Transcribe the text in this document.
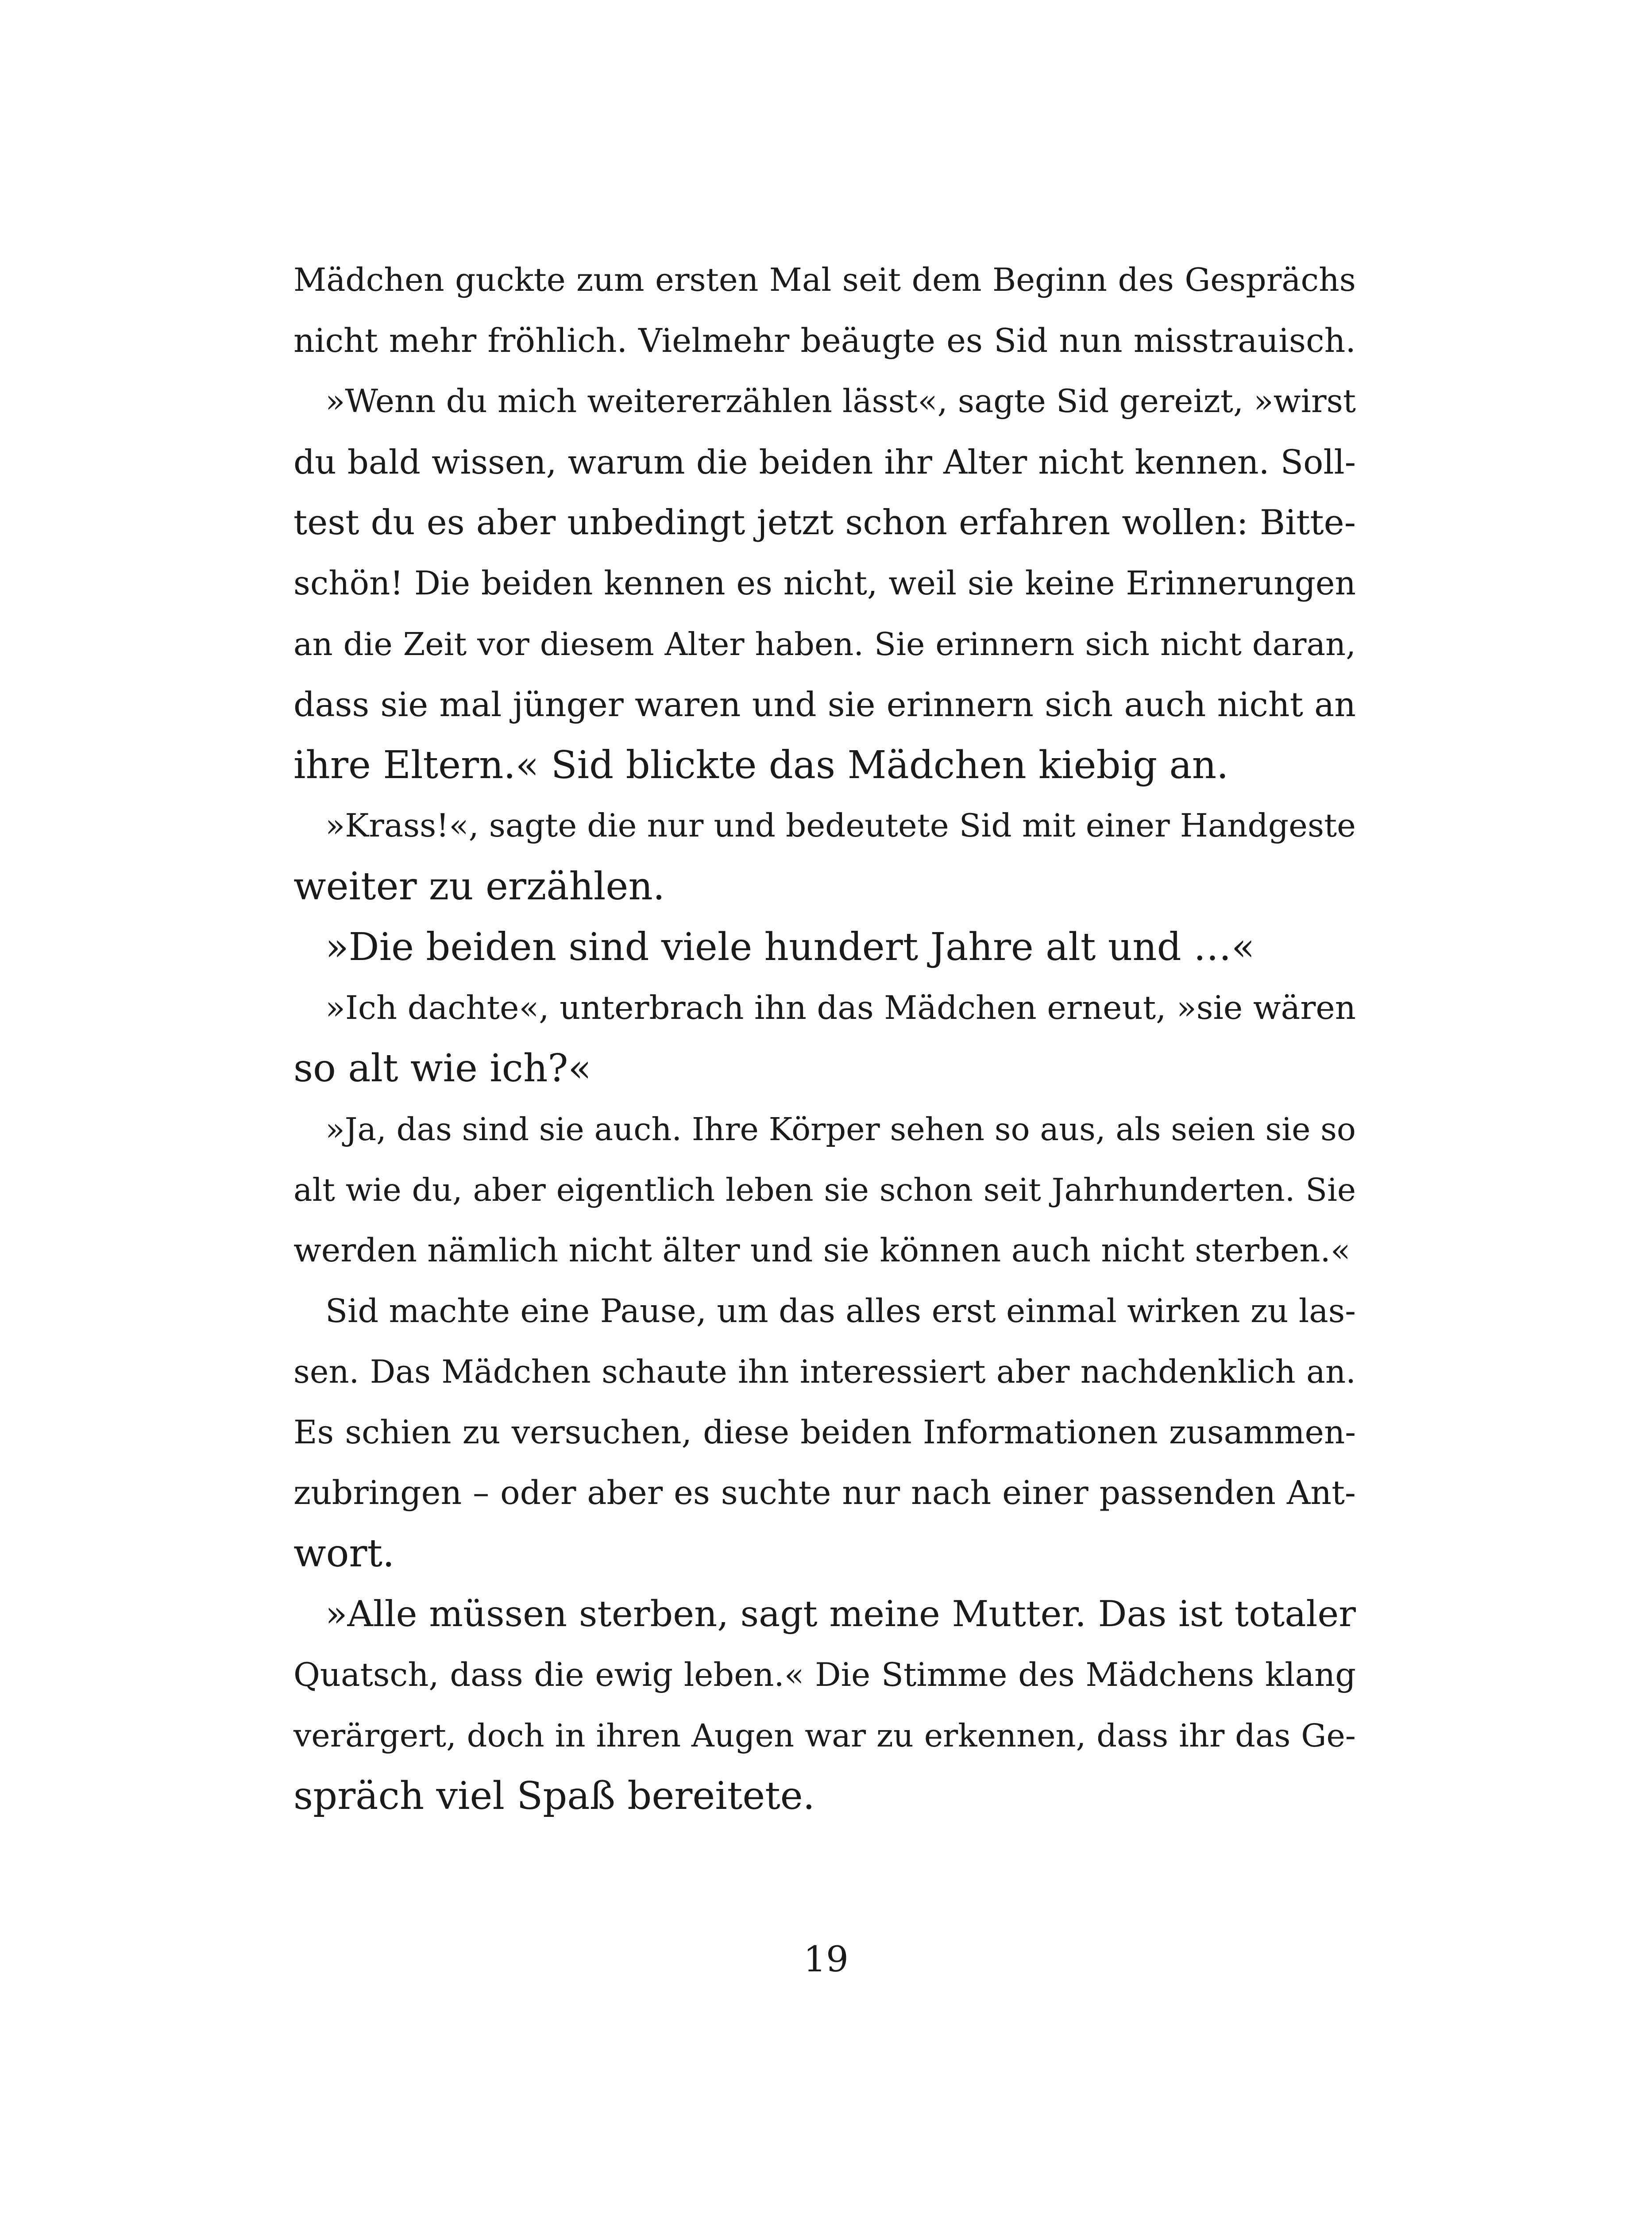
Mädchen guckte zum ersten Mal seit dem Beginn des Gesprächs
nicht mehr fröhlich. Vielmehr beäugte es Sid nun misstrauisch.
»Wenn du mich weitererzählen lässt«, sagte Sid gereizt, »wirst
du bald wissen, warum die beiden ihr Alter nicht kennen. Soll-
test du es aber unbedingt jetzt schon erfahren wollen: Bitte-
schön! Die beiden kennen es nicht, weil sie keine Erinnerungen
an die Zeit vor diesem Alter haben. Sie erinnern sich nicht daran,
dass sie mal jünger waren und sie erinnern sich auch nicht an
ihre Eltern.« Sid blickte das Mädchen kiebig an.
»Krass!«, sagte die nur und bedeutete Sid mit einer Handgeste
weiter zu erzählen.
»Die beiden sind viele hundert Jahre alt und …«
»Ich dachte«, unterbrach ihn das Mädchen erneut, »sie wären
so alt wie ich?«
»Ja, das sind sie auch. Ihre Körper sehen so aus, als seien sie so
alt wie du, aber eigentlich leben sie schon seit Jahrhunderten. Sie
werden nämlich nicht älter und sie können auch nicht sterben.«
Sid machte eine Pause, um das alles erst einmal wirken zu las-
sen. Das Mädchen schaute ihn interessiert aber nachdenklich an.
Es schien zu versuchen, diese beiden Informationen zusammen-
zubringen – oder aber es suchte nur nach einer passenden Ant-
wort.
»Alle müssen sterben, sagt meine Mutter. Das ist totaler
Quatsch, dass die ewig leben.« Die Stimme des Mädchens klang
verärgert, doch in ihren Augen war zu erkennen, dass ihr das Ge-
spräch viel Spaß bereitete.
19
